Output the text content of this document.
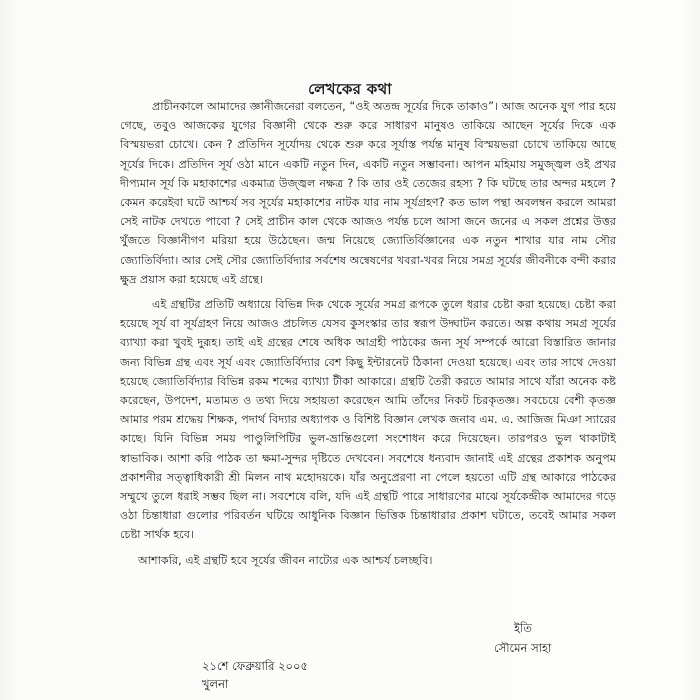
লেখকের কথা

প্রাচীনকালে আমাদের জ্ঞানীজনেরা বলতেন, “ওই অতন্দ্র সূর্যের দিকে তাকাও”। আজ অনেক যুগ পার হয়ে গেছে, তবুও আজকের যুগের বিজ্ঞানী থেকে শুরু করে সাধারণ মানুষও তাকিয়ে আছেন সূর্যের দিকে এক বিস্ময়ভরা চোখে। কেন ? প্রতিদিন সূর্যোদয় থেকে শুরু করে সূর্যাস্ত পর্যন্ত মানুষ বিস্ময়ভরা চোখে তাকিয়ে আছে সূর্যের দিকে। প্রতিদিন সূর্য ওঠা মানে একটি নতুন দিন, একটি নতুন সম্ভাবনা। আপন মহিমায় সমুজ্জ্বল ওই প্রখর দীপ্যমান সূর্য কি মহাকাশের একমাত্র উজ্জ্বল নক্ষত্র ? কি তার ওই তেজের রহস্য ? কি ঘটছে তার অন্দর মহলে ? কেমন করেইবা ঘটে আশ্চর্য সব সূর্যের মহাকাশের নাটক যার নাম সূর্যগ্রহণ? কত ভাল পন্থা অবলম্বন করলে আমরা সেই নাটক দেখতে পাবো ? সেই প্রাচীন কাল থেকে আজও পর্যন্ত চলে আসা জনে জনের এ সকল প্রশ্নের উত্তর খুঁজতে বিজ্ঞানীগণ মরিয়া হয়ে উঠেছেন। জন্ম নিয়েছে জ্যোতির্বিজ্ঞানের এক নতুন শাখার যার নাম সৌর জ্যোতির্বিদ্যা। আর সেই সৌর জ্যোতির্বিদ্যার সর্বশেষ অন্বেষণের খবরা-খবর নিয়ে সমগ্র সূর্যের জীবনীকে বন্দী করার ক্ষুদ্র প্রয়াস করা হয়েছে এই গ্রন্থে।

এই গ্রন্থটির প্রতিটি অধ্যায়ে বিভিন্ন দিক থেকে সূর্যের সমগ্র রূপকে তুলে ধরার চেষ্টা করা হয়েছে। চেষ্টা করা হয়েছে সূর্য বা সূর্যগ্রহণ নিয়ে আজও প্রচলিত যেসব কুসংস্কার তার স্বরূপ উদ্ঘাটন করতে। অল্প কথায় সমগ্র সূর্যের ব্যাখ্যা করা খুবই দুরূহ। তাই এই গ্রন্থের শেষে অধিক আগ্রহী পাঠকের জন্য সূর্য সম্পর্কে আরো বিস্তারিত জানার জন্য বিভিন্ন গ্রন্থ এবং সূর্য এবং জ্যোতির্বিদ্যার বেশ কিছু ইন্টারনেট ঠিকানা দেওয়া হয়েছে। এবং তার সাথে দেওয়া হয়েছে জ্যোতির্বিদ্যার বিভিন্ন রকম শব্দের ব্যাখ্যা টীকা আকারে। গ্রন্থটি তৈরী করতে আমার সাথে যাঁরা অনেক কষ্ট করেছেন, উপদেশ, মতামত ও তথ্য দিয়ে সহায়তা করেছেন আমি তাঁদের নিকট চিরকৃতজ্ঞ। সবচেয়ে বেশী কৃতজ্ঞ আমার পরম শ্রদ্ধেয় শিক্ষক, পদার্থ বিদ্যার অধ্যাপক ও বিশিষ্ট বিজ্ঞান লেখক জনাব এম. এ. আজিজ মিঞা স্যারের কাছে। যিনি বিভিন্ন সময় পাণ্ডুলিপিটির ভুল-ভ্রান্তিগুলো সংশোধন করে দিয়েছেন। তারপরও ভুল থাকাটাই স্বাভাবিক। আশা করি পাঠক তা ক্ষমা-সুন্দর দৃষ্টিতে দেখবেন। সবশেষে ধন্যবাদ জানাই এই গ্রন্থের প্রকাশক অনুপম প্রকাশনীর সত্ত্বাধিকারী শ্রী মিলন নাথ মহোদয়কে। যাঁর অনুপ্রেরণা না পেলে হয়তো এটি গ্রন্থ আকারে পাঠকের সম্মুখে তুলে ধরাই সম্ভব ছিল না। সবশেষে বলি, যদি এই গ্রন্থটি পারে সাধারণের মাঝে সূর্যকেন্দ্রীক আমাদের গড়ে ওঠা চিন্তাধারা গুলোর পরিবর্তন ঘটিয়ে আধুনিক বিজ্ঞান ভিত্তিক চিন্তাধারার প্রকাশ ঘটাতে, তবেই আমার সকল চেষ্টা সার্থক হবে।

আশাকরি, এই গ্রন্থটি হবে সূর্যের জীবন নাট্যের এক আশ্চর্য চলচ্ছবি।

ইতি
সৌমেন সাহা
২১শে ফেব্রুয়ারি ২০০৫
খুলনা
